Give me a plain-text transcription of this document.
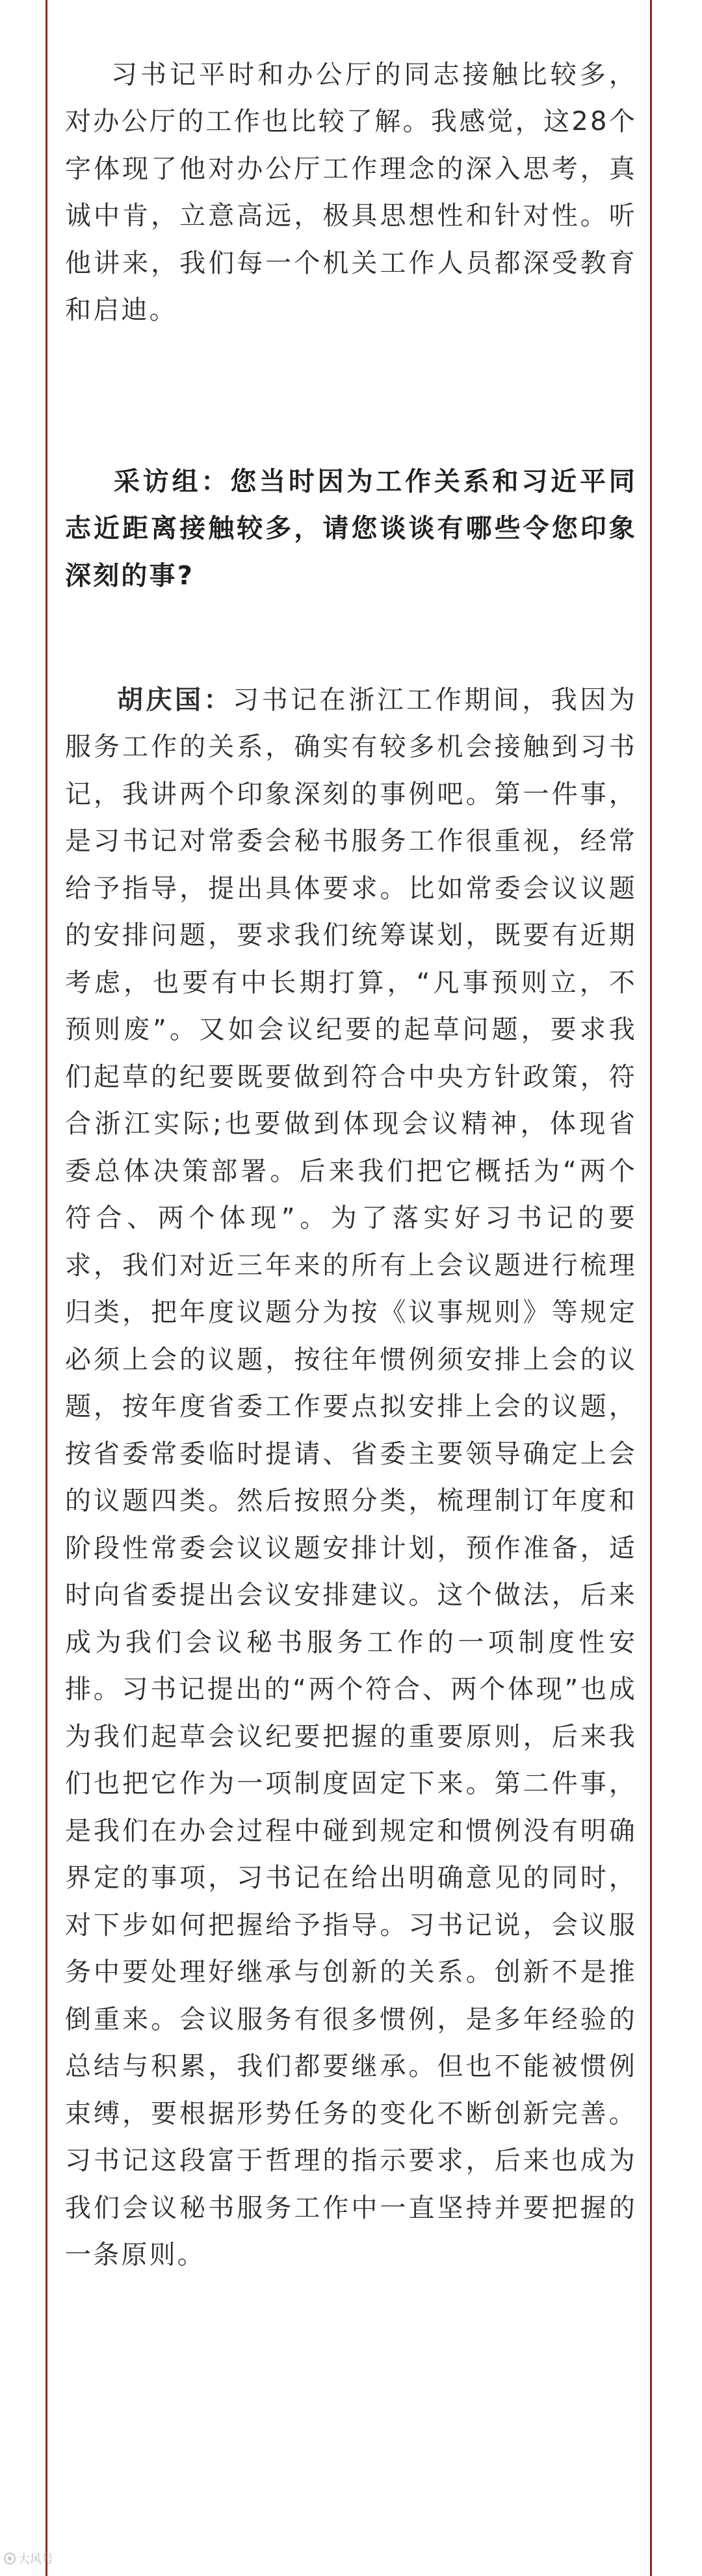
习书记平时和办公厅的同志接触比较多，对办公厅的工作也比较了解。我感觉，这28个字体现了他对办公厅工作理念的深入思考，真诚中肯，立意高远，极具思想性和针对性。听他讲来，我们每一个机关工作人员都深受教育和启迪。

采访组：您当时因为工作关系和习近平同志近距离接触较多，请您谈谈有哪些令您印象深刻的事?

胡庆国：习书记在浙江工作期间，我因为服务工作的关系，确实有较多机会接触到习书记，我讲两个印象深刻的事例吧。第一件事，是习书记对常委会秘书服务工作很重视，经常给予指导，提出具体要求。比如常委会议议题的安排问题，要求我们统筹谋划，既要有近期考虑，也要有中长期打算，“凡事预则立，不预则废”。又如会议纪要的起草问题，要求我们起草的纪要既要做到符合中央方针政策，符合浙江实际;也要做到体现会议精神，体现省委总体决策部署。后来我们把它概括为“两个符合、两个体现”。为了落实好习书记的要求，我们对近三年来的所有上会议题进行梳理归类，把年度议题分为按《议事规则》等规定必须上会的议题，按往年惯例须安排上会的议题，按年度省委工作要点拟安排上会的议题，按省委常委临时提请、省委主要领导确定上会的议题四类。然后按照分类，梳理制订年度和阶段性常委会议议题安排计划，预作准备，适时向省委提出会议安排建议。这个做法，后来成为我们会议秘书服务工作的一项制度性安排。习书记提出的“两个符合、两个体现”也成为我们起草会议纪要把握的重要原则，后来我们也把它作为一项制度固定下来。第二件事，是我们在办会过程中碰到规定和惯例没有明确界定的事项，习书记在给出明确意见的同时，对下步如何把握给予指导。习书记说，会议服务中要处理好继承与创新的关系。创新不是推倒重来。会议服务有很多惯例，是多年经验的总结与积累，我们都要继承。但也不能被惯例束缚，要根据形势任务的变化不断创新完善。习书记这段富于哲理的指示要求，后来也成为我们会议秘书服务工作中一直坚持并要把握的一条原则。

大风号
